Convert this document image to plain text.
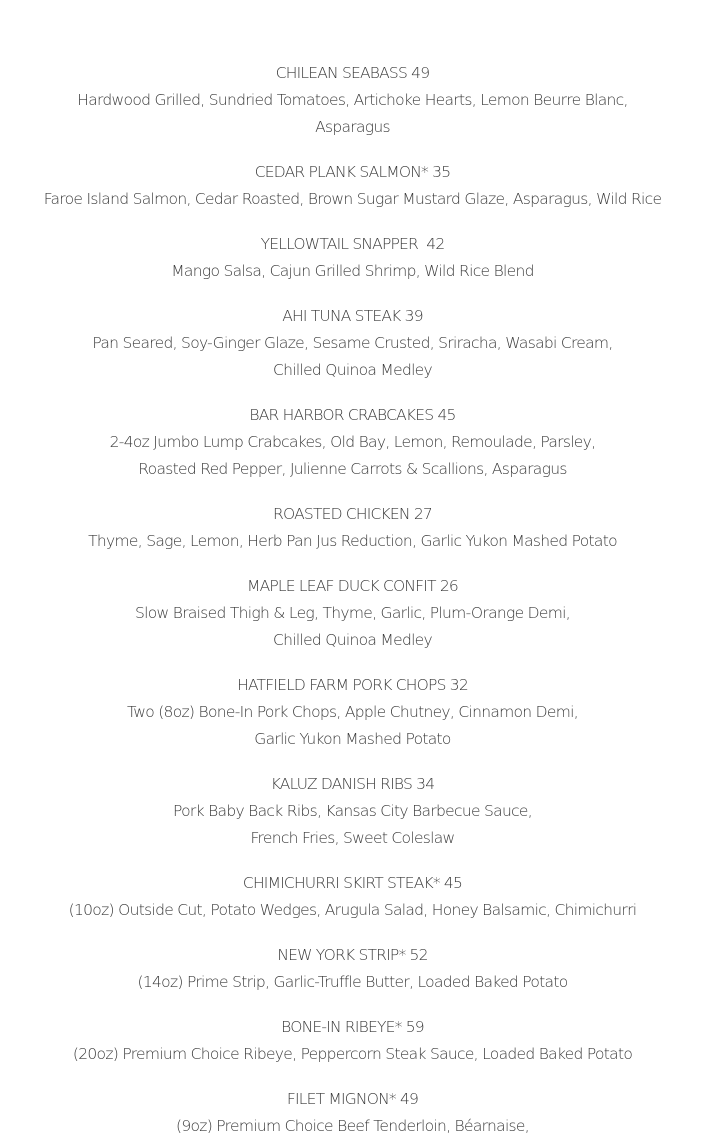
CHILEAN SEABASS 49
Hardwood Grilled, Sundried Tomatoes, Artichoke Hearts, Lemon Beurre Blanc,
Asparagus
CEDAR PLANK SALMON* 35
Faroe Island Salmon, Cedar Roasted, Brown Sugar Mustard Glaze, Asparagus, Wild Rice
YELLOWTAIL SNAPPER  42
Mango Salsa, Cajun Grilled Shrimp, Wild Rice Blend
AHI TUNA STEAK 39
Pan Seared, Soy-Ginger Glaze, Sesame Crusted, Sriracha, Wasabi Cream,
Chilled Quinoa Medley
BAR HARBOR CRABCAKES 45
2-4oz Jumbo Lump Crabcakes, Old Bay, Lemon, Remoulade, Parsley,
Roasted Red Pepper, Julienne Carrots & Scallions, Asparagus
ROASTED CHICKEN 27
Thyme, Sage, Lemon, Herb Pan Jus Reduction, Garlic Yukon Mashed Potato
MAPLE LEAF DUCK CONFIT 26
Slow Braised Thigh & Leg, Thyme, Garlic, Plum-Orange Demi,
Chilled Quinoa Medley
HATFIELD FARM PORK CHOPS 32
Two (8oz) Bone-In Pork Chops, Apple Chutney, Cinnamon Demi,
Garlic Yukon Mashed Potato
KALUZ DANISH RIBS 34
Pork Baby Back Ribs, Kansas City Barbecue Sauce,
French Fries, Sweet Coleslaw
CHIMICHURRI SKIRT STEAK* 45
(10oz) Outside Cut, Potato Wedges, Arugula Salad, Honey Balsamic, Chimichurri
NEW YORK STRIP* 52
(14oz) Prime Strip, Garlic-Truffle Butter, Loaded Baked Potato
BONE-IN RIBEYE* 59
(20oz) Premium Choice Ribeye, Peppercorn Steak Sauce, Loaded Baked Potato
FILET MIGNON* 49
(9oz) Premium Choice Beef Tenderloin, Béarnaise,
